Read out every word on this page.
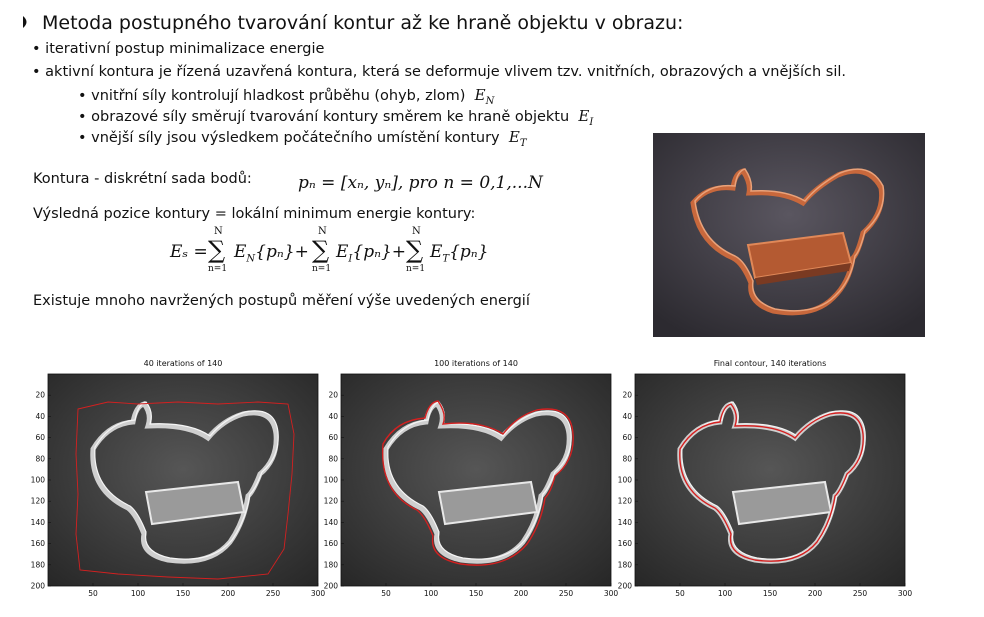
Metoda postupného tvarování kontur až ke hraně objektu v obrazu:
• iterativní postup minimalizace energie
• aktivní kontura je řízená uzavřená kontura, která se deformuje vlivem tzv. vnitřních, obrazových a vnějších sil.
• vnitřní síly kontrolují hladkost průběhu (ohyb, zlom) $E_N$
• obrazové síly směrují tvarování kontury směrem ke hraně objektu $E_I$
• vnější síly jsou výsledkem počátečního umístění kontury $E_T$
Kontura - diskrétní sada bodů:	pₙ = [xₙ, yₙ], pro n = 0,1,...N
Výsledná pozice kontury = lokální minimum energie kontury:
Eₛ =
N
∑
n=1
$E_N\{p_n\}+$
N
∑
n=1
$E_I\{p_n\}+$
N
∑
n=1
$E_T\{p_n\}$
Existuje mnoho navržených postupů měření výše uvedených energií
40 iterations of 140
20
40
60
80
100
120
140
160
180
200
50	100	150	200	250	300
100 iterations of 140
20
40
60
80
100
120
140
160
180
200
50	100	150	200	250	300
Final contour, 140 iterations
20
40
60
80
100
120
140
160
180
200
50	100	150	200	250	300
